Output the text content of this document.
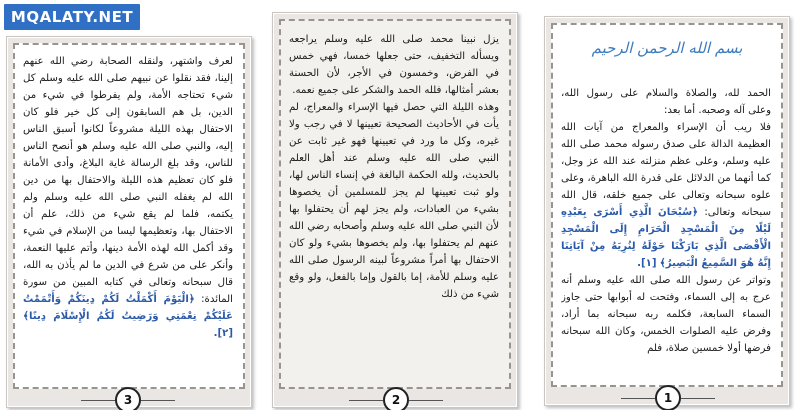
MQALATY.NET
بسم الله الرحمن الرحيم

الحمد لله، والصلاة والسلام على رسول الله، وعلى آله وصحبه. أما بعد:

فلا ريب أن الإسراء والمعراج من آيات الله العظيمة الدالة على صدق رسوله محمد صلى الله عليه وسلم، وعلى عظم منزلته عند الله عز وجل، كما أنهما من الدلائل على قدرة الله الباهرة، وعلى علوه سبحانه وتعالى على جميع خلقه، قال الله سبحانه وتعالى: ﴿سُبْحَانَ الَّذِي أَسْرَى بِعَبْدِهِ لَيْلًا مِنَ الْمَسْجِدِ الْحَرَامِ إِلَى الْمَسْجِدِ الْأَقْصَى الَّذِي بَارَكْنَا حَوْلَهُ لِنُرِيَهُ مِنْ آيَاتِنَا إِنَّهُ هُوَ السَّمِيعُ الْبَصِيرُ﴾ [١].

وتواتر عن رسول الله صلى الله عليه وسلم أنه عرج به إلى السماء، وفتحت له أبوابها حتى جاوز السماء السابعة، فكلمه ربه سبحانه بما أراد، وفرض عليه الصلوات الخمس، وكان الله سبحانه فرضها أولا خمسين صلاة، فلم

1

يزل نبينا محمد صلى الله عليه وسلم يراجعه ويسأله التخفيف، حتى جعلها خمسا، فهي خمس في الفرض، وخمسون في الأجر، لأن الحسنة بعشر أمثالها، فلله الحمد والشكر على جميع نعمه.

وهذه الليلة التي حصل فيها الإسراء والمعراج، لم يأت في الأحاديث الصحيحة تعيينها لا في رجب ولا غيره، وكل ما ورد في تعيينها فهو غير ثابت عن النبي صلى الله عليه وسلم عند أهل العلم بالحديث، ولله الحكمة البالغة في إنساء الناس لها، ولو ثبت تعيينها لم يجز للمسلمين أن يخصوها بشيء من العبادات، ولم يجز لهم أن يحتفلوا بها لأن النبي صلى الله عليه وسلم وأصحابه رضي الله عنهم لم يحتفلوا بها، ولم يخصوها بشيء ولو كان الاحتفال بها أمراً مشروعاً لبينه الرسول صلى الله عليه وسلم للأمة، إما بالقول وإما بالفعل، ولو وقع شيء من ذلك

2

لعرف واشتهر، ولنقله الصحابة رضي الله عنهم إلينا، فقد نقلوا عن نبيهم صلى الله عليه وسلم كل شيء تحتاجه الأمة، ولم يفرطوا في شيء من الدين، بل هم السابقون إلى كل خير فلو كان الاحتفال بهذه الليلة مشروعاً لكانوا أسبق الناس إليه، والنبي صلى الله عليه وسلم هو أنصح الناس للناس، وقد بلغ الرسالة غاية البلاغ، وأدى الأمانة فلو كان تعظيم هذه الليلة والاحتفال بها من دين الله لم يغفله النبي صلى الله عليه وسلم ولم يكتمه، فلما لم يقع شيء من ذلك، علم أن الاحتفال بها، وتعظيمها ليسا من الإسلام في شيء وقد أكمل الله لهذه الأمة دينها، وأتم عليها النعمة، وأنكر على من شرع في الدين ما لم يأذن به الله، قال سبحانه وتعالى في كتابه المبين من سورة المائدة: ﴿الْيَوْمَ أَكْمَلْتُ لَكُمْ دِينَكُمْ وَأَتْمَمْتُ عَلَيْكُمْ نِعْمَتِي وَرَضِيتُ لَكُمُ الْإِسْلَامَ دِينًا﴾ [٢].

3
